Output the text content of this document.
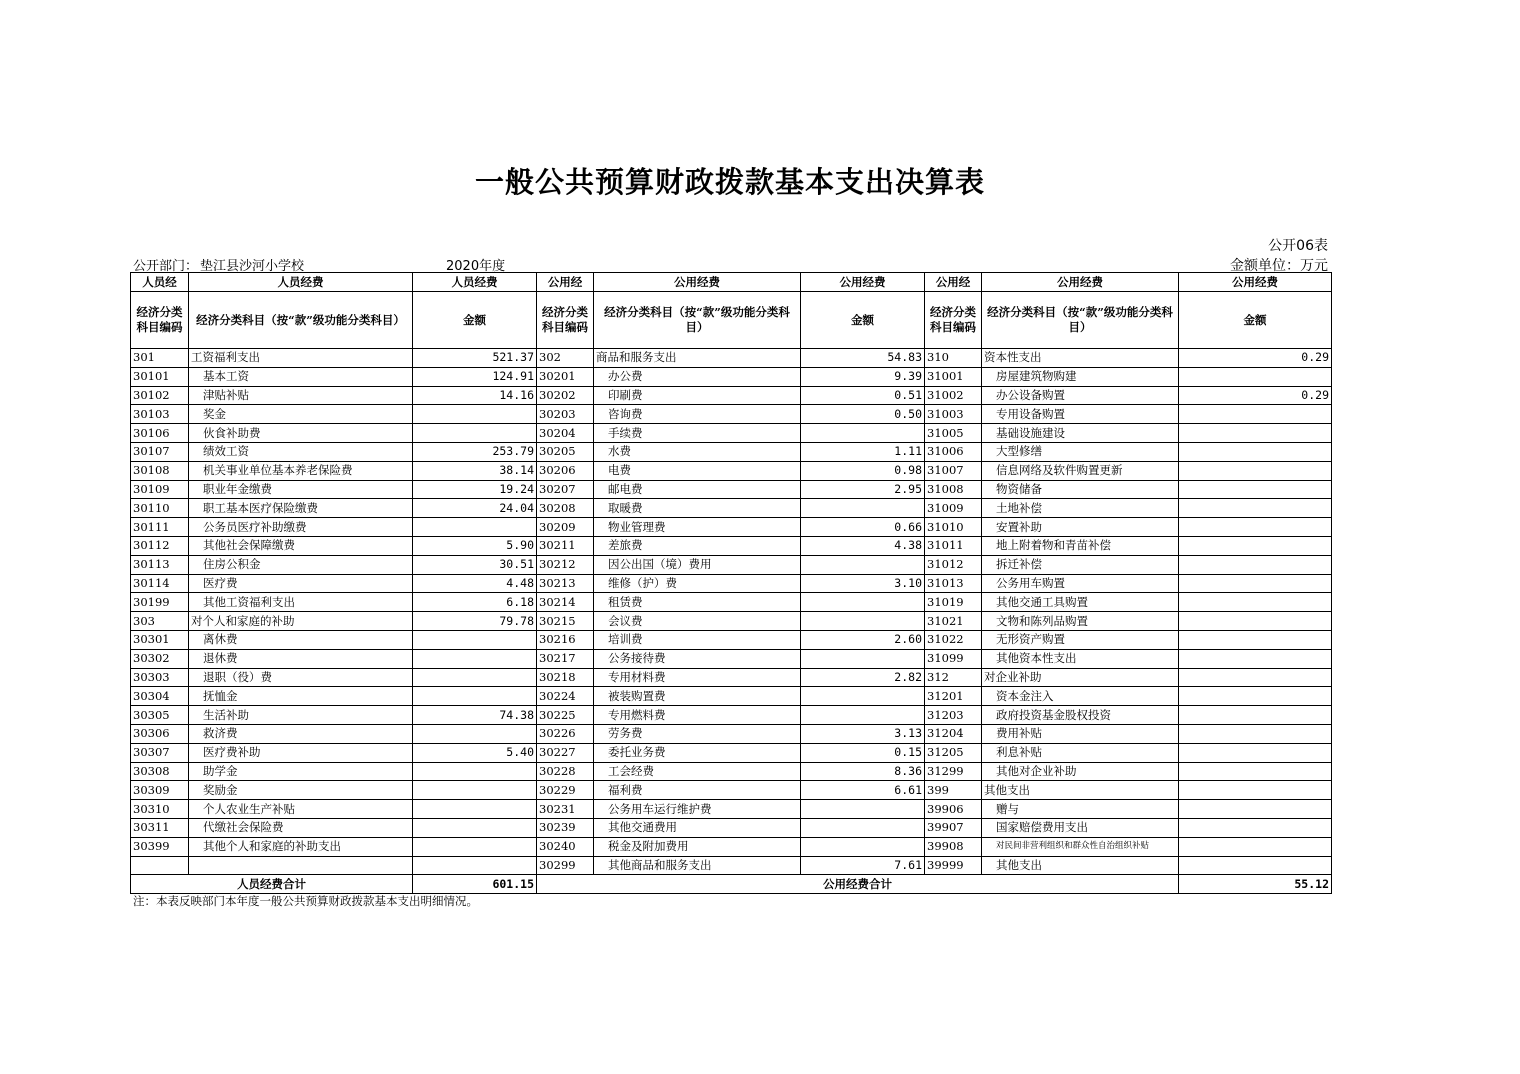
一般公共预算财政拨款基本支出决算表
公开06表
公开部门： 垫江县沙河小学校	2020年度	金额单位：万元
人员经	人员经费	人员经费	公用经	公用经费	公用经费	公用经	公用经费	公用经费
经济分类科目编码	经济分类科目（按“款”级功能分类科目）	金额	经济分类科目编码	经济分类科目（按“款”级功能分类科目）	金额	经济分类科目编码	经济分类科目（按“款”级功能分类科目）	金额
301	工资福利支出	521.37	302	商品和服务支出	54.83	310	资本性支出	0.29
30101	基本工资	124.91	30201	办公费	9.39	31001	房屋建筑物购建	
30102	津贴补贴	14.16	30202	印刷费	0.51	31002	办公设备购置	0.29
30103	奖金		30203	咨询费	0.50	31003	专用设备购置	
30106	伙食补助费		30204	手续费		31005	基础设施建设	
30107	绩效工资	253.79	30205	水费	1.11	31006	大型修缮	
30108	机关事业单位基本养老保险费	38.14	30206	电费	0.98	31007	信息网络及软件购置更新	
30109	职业年金缴费	19.24	30207	邮电费	2.95	31008	物资储备	
30110	职工基本医疗保险缴费	24.04	30208	取暖费		31009	土地补偿	
30111	公务员医疗补助缴费		30209	物业管理费	0.66	31010	安置补助	
30112	其他社会保障缴费	5.90	30211	差旅费	4.38	31011	地上附着物和青苗补偿	
30113	住房公积金	30.51	30212	因公出国（境）费用		31012	拆迁补偿	
30114	医疗费	4.48	30213	维修（护）费	3.10	31013	公务用车购置	
30199	其他工资福利支出	6.18	30214	租赁费		31019	其他交通工具购置	
303	对个人和家庭的补助	79.78	30215	会议费		31021	文物和陈列品购置	
30301	离休费		30216	培训费	2.60	31022	无形资产购置	
30302	退休费		30217	公务接待费		31099	其他资本性支出	
30303	退职（役）费		30218	专用材料费	2.82	312	对企业补助	
30304	抚恤金		30224	被装购置费		31201	资本金注入	
30305	生活补助	74.38	30225	专用燃料费		31203	政府投资基金股权投资	
30306	救济费		30226	劳务费	3.13	31204	费用补贴	
30307	医疗费补助	5.40	30227	委托业务费	0.15	31205	利息补贴	
30308	助学金		30228	工会经费	8.36	31299	其他对企业补助	
30309	奖励金		30229	福利费	6.61	399	其他支出	
30310	个人农业生产补贴		30231	公务用车运行维护费		39906	赠与	
30311	代缴社会保险费		30239	其他交通费用		39907	国家赔偿费用支出	
30399	其他个人和家庭的补助支出		30240	税金及附加费用		39908	对民间非营利组织和群众性自治组织补贴	
			30299	其他商品和服务支出	7.61	39999	其他支出	
人员经费合计		601.15	公用经费合计					55.12
注：本表反映部门本年度一般公共预算财政拨款基本支出明细情况。
